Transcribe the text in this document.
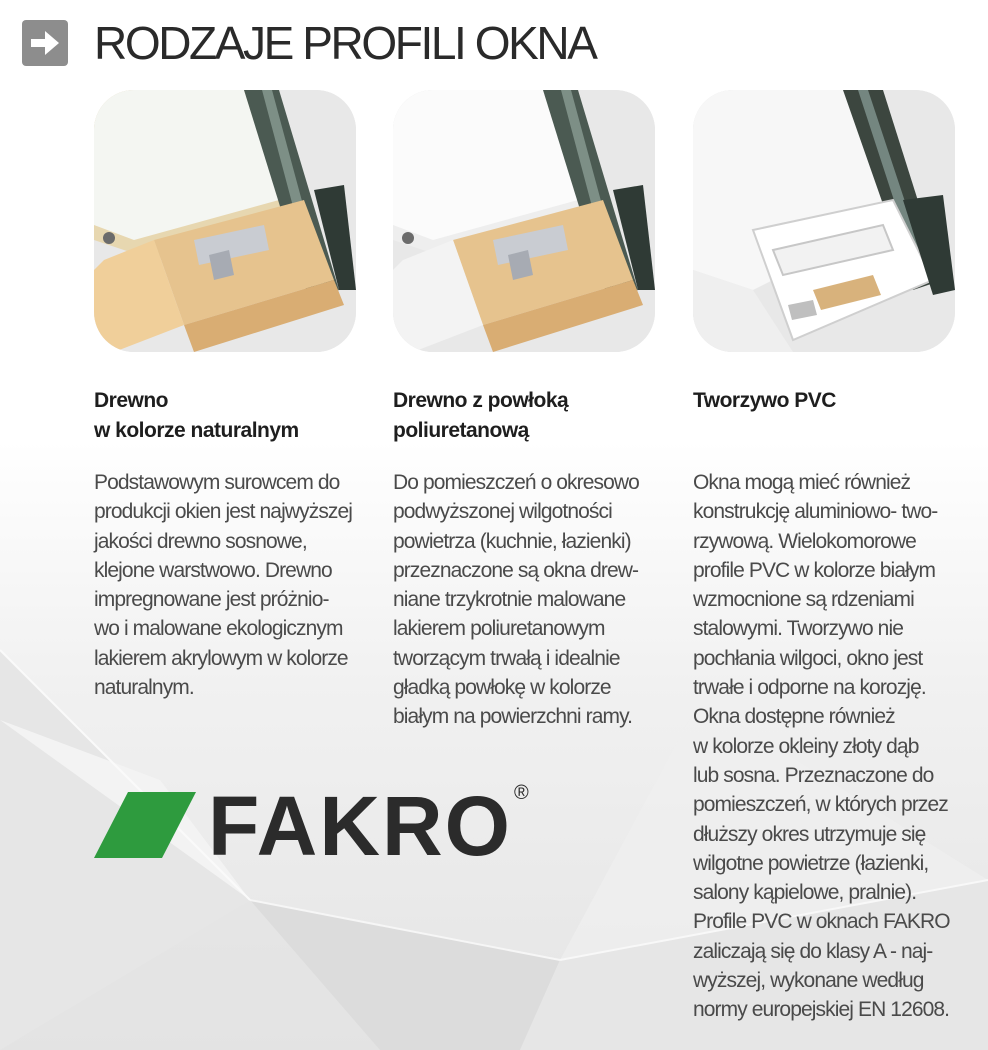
RODZAJE PROFILI OKNA
Drewno
w kolorze naturalnym
Podstawowym surowcem do
produkcji okien jest najwyższej
jakości drewno sosnowe,
klejone warstwowo. Drewno
impregnowane jest próżnio-
wo i malowane ekologicznym
lakierem akrylowym w kolorze
naturalnym.
Drewno z powłoką
poliuretanową
Do pomieszczeń o okresowo
podwyższonej wilgotności
powietrza (kuchnie, łazienki)
przeznaczone są okna drew-
niane trzykrotnie malowane
lakierem poliuretanowym
tworzącym trwałą i idealnie
gładką powłokę w kolorze
białym na powierzchni ramy.
Tworzywo PVC
Okna mogą mieć również
konstrukcję aluminiowo- two-
rzywową. Wielokomorowe
profile PVC w kolorze białym
wzmocnione są rdzeniami
stalowymi. Tworzywo nie
pochłania wilgoci, okno jest
trwałe i odporne na korozję.
Okna dostępne również
w kolorze okleiny złoty dąb
lub sosna. Przeznaczone do
pomieszczeń, w których przez
dłuższy okres utrzymuje się
wilgotne powietrze (łazienki,
salony kąpielowe, pralnie).
Profile PVC w oknach FAKRO
zaliczają się do klasy A - naj-
wyższej, wykonane według
normy europejskiej EN 12608.
FAKRO ®
